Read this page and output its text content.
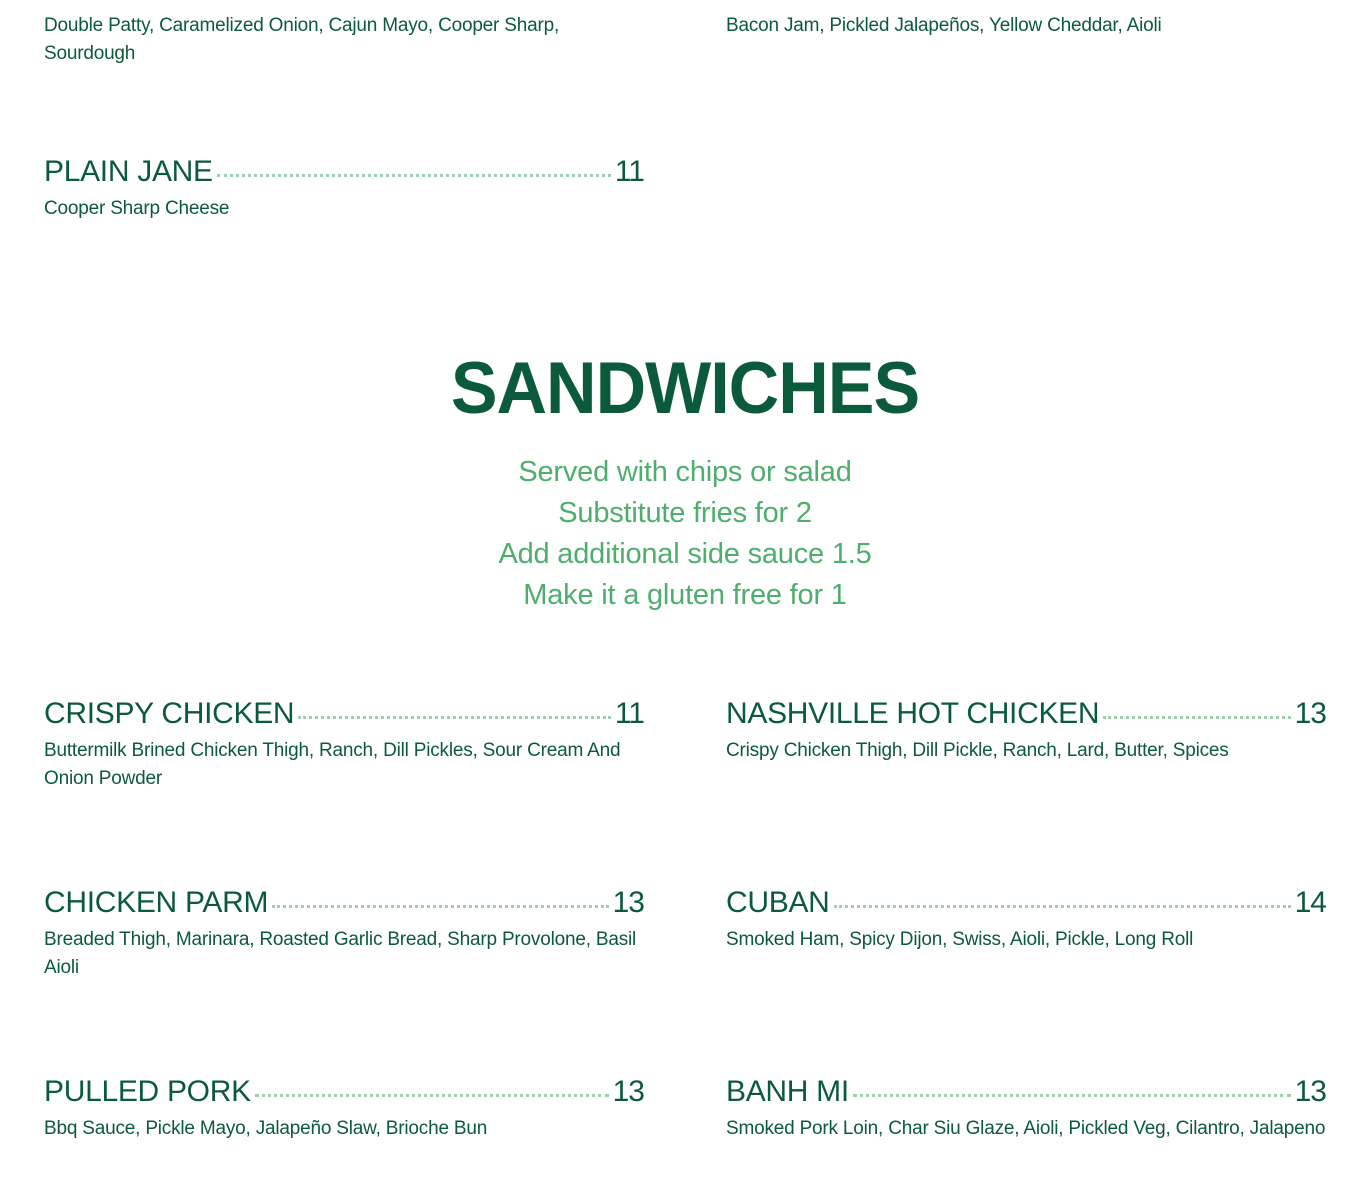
Double Patty, Caramelized Onion, Cajun Mayo, Cooper Sharp, Sourdough
Bacon Jam, Pickled Jalapeños, Yellow Cheddar, Aioli
PLAIN JANE	11
Cooper Sharp Cheese
SANDWICHES
Served with chips or salad
Substitute fries for 2
Add additional side sauce 1.5
Make it a gluten free for 1
CRISPY CHICKEN	11
Buttermilk Brined Chicken Thigh, Ranch, Dill Pickles, Sour Cream And Onion Powder
NASHVILLE HOT CHICKEN	13
Crispy Chicken Thigh, Dill Pickle, Ranch, Lard, Butter, Spices
CHICKEN PARM	13
Breaded Thigh, Marinara, Roasted Garlic Bread, Sharp Provolone, Basil Aioli
CUBAN	14
Smoked Ham, Spicy Dijon, Swiss, Aioli, Pickle, Long Roll
PULLED PORK	13
Bbq Sauce, Pickle Mayo, Jalapeño Slaw, Brioche Bun
BANH MI	13
Smoked Pork Loin, Char Siu Glaze, Aioli, Pickled Veg, Cilantro, Jalapeno
